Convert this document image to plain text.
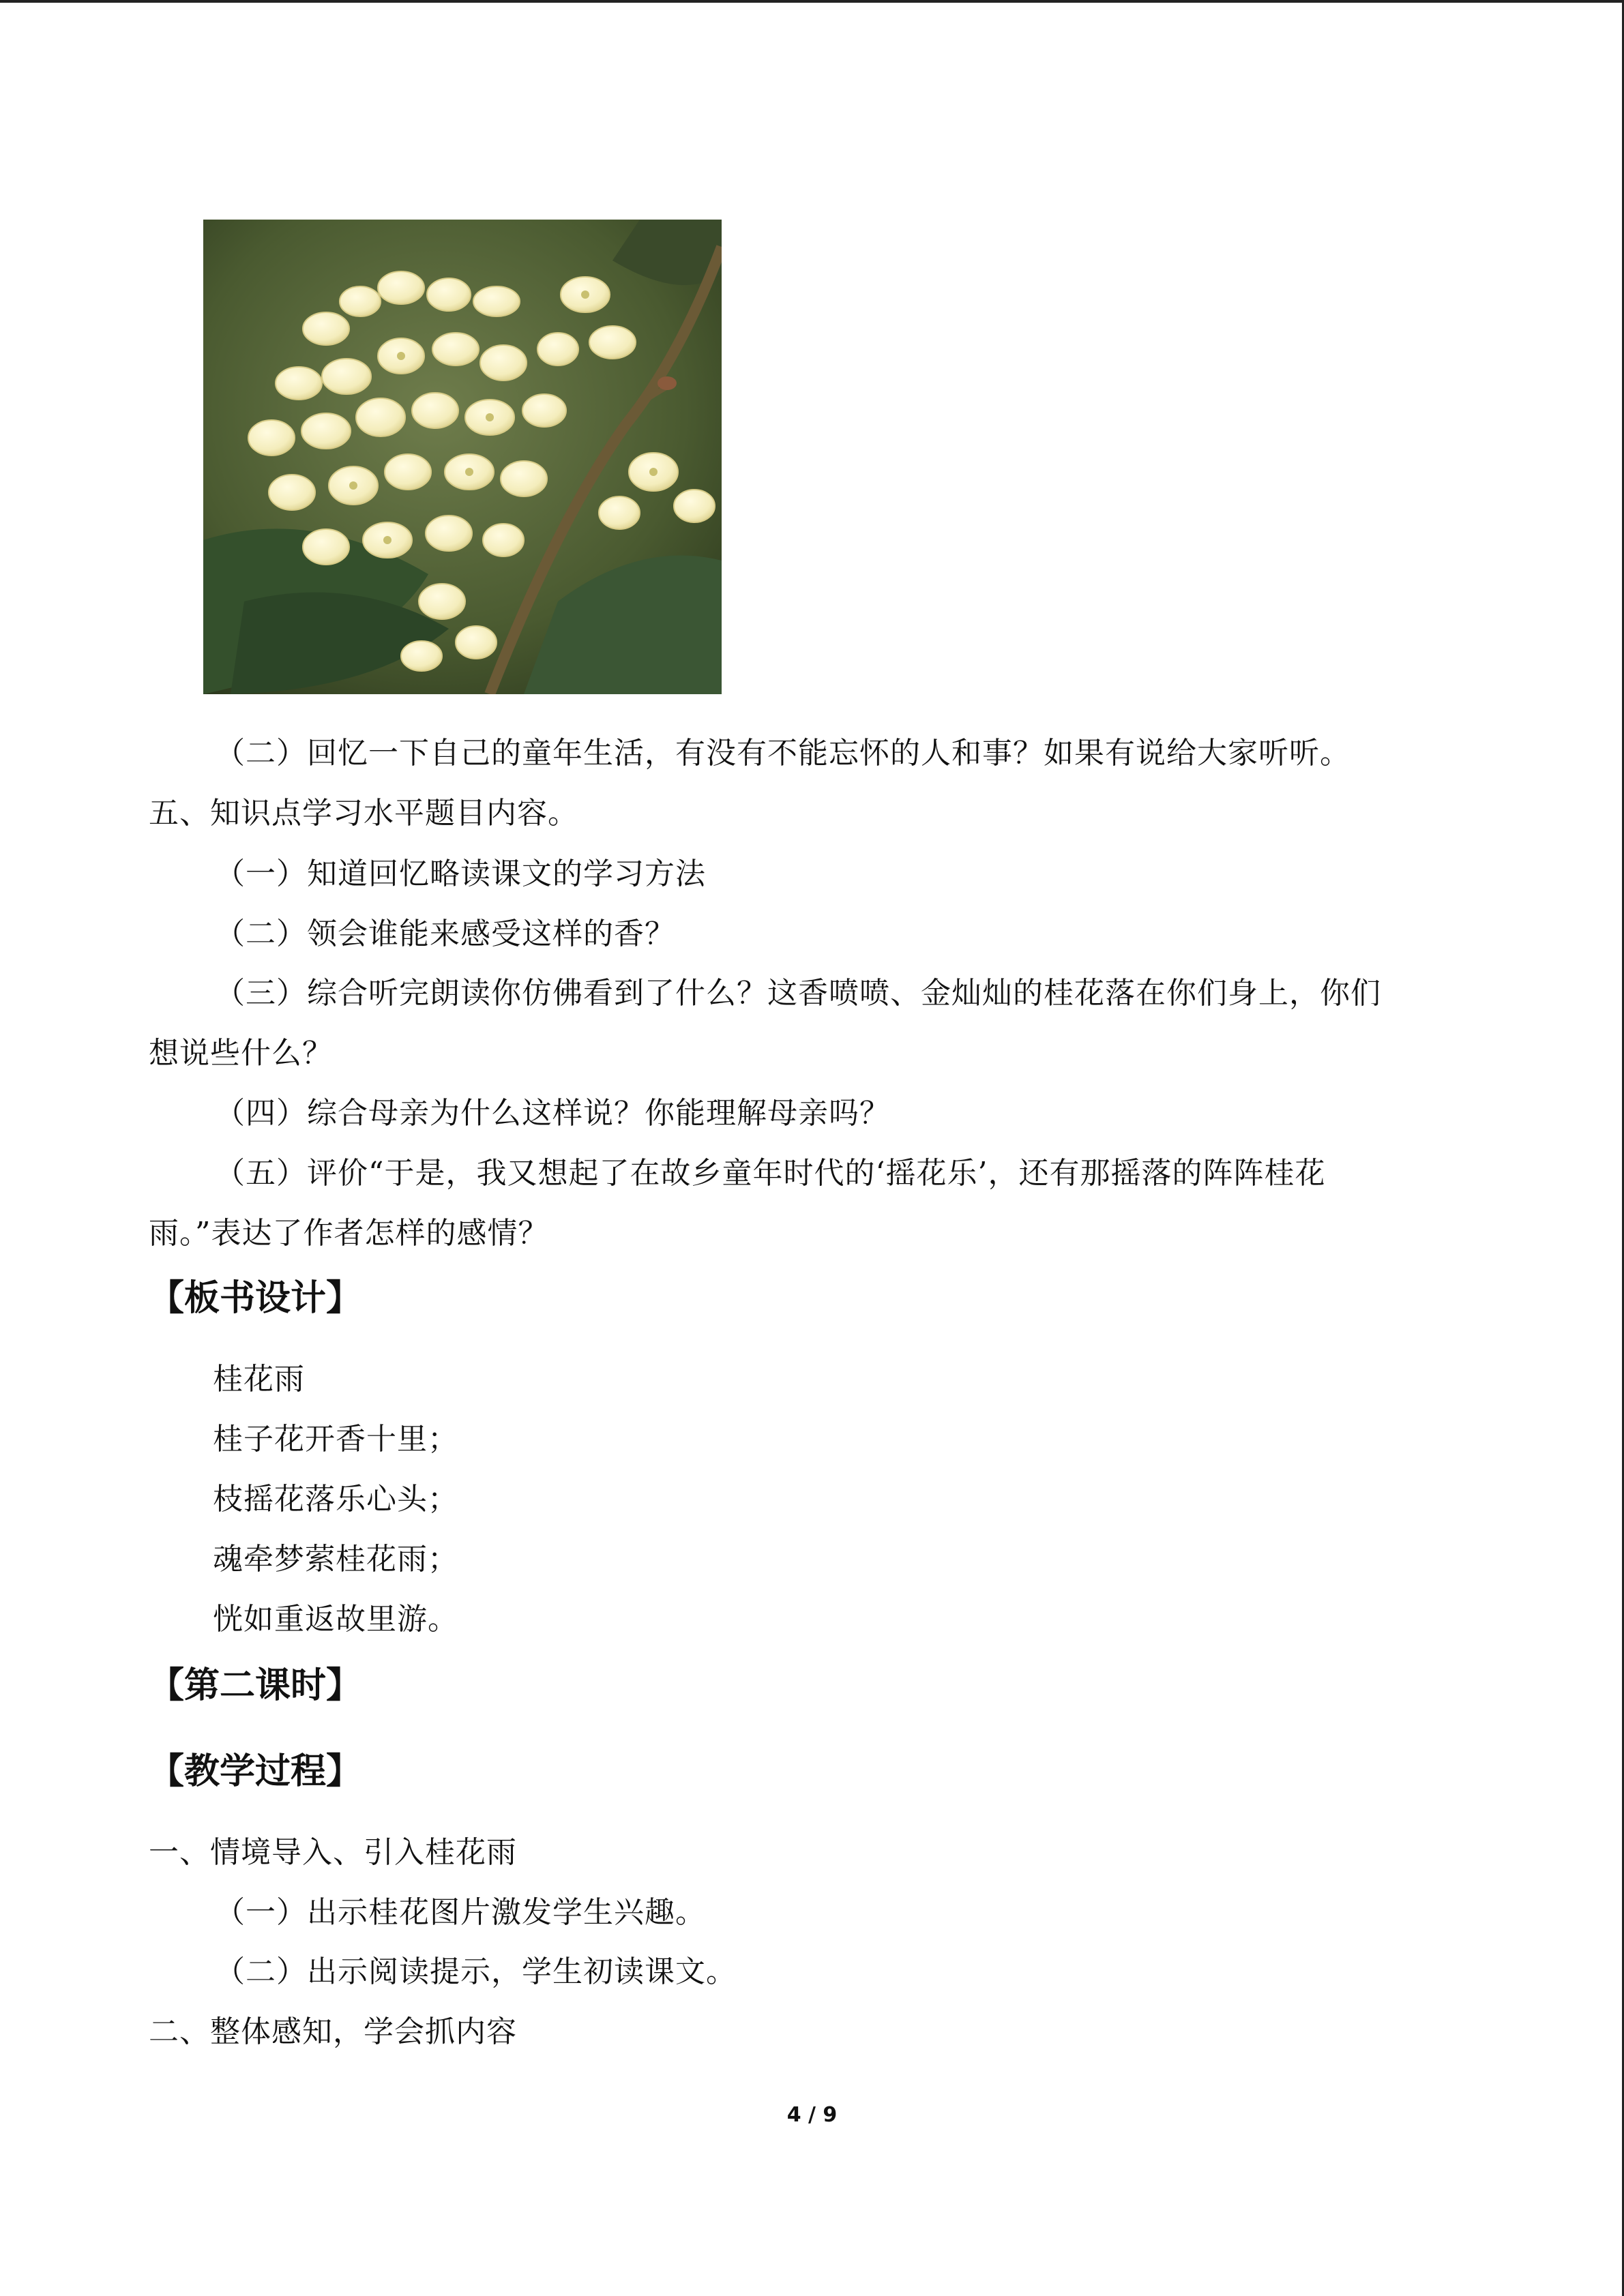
（二）回忆一下自己的童年生活，有没有不能忘怀的人和事？如果有说给大家听听。
五、知识点学习水平题目内容。
（一）知道回忆略读课文的学习方法
（二）领会谁能来感受这样的香？
（三）综合听完朗读你仿佛看到了什么？这香喷喷、金灿灿的桂花落在你们身上，你们
想说些什么？
（四）综合母亲为什么这样说？你能理解母亲吗？
（五）评价“于是，我又想起了在故乡童年时代的‘摇花乐’，还有那摇落的阵阵桂花
雨。”表达了作者怎样的感情？
【板书设计】
桂花雨
桂子花开香十里；
枝摇花落乐心头；
魂牵梦萦桂花雨；
恍如重返故里游。
【第二课时】
【教学过程】
一、情境导入、引入桂花雨
（一）出示桂花图片激发学生兴趣。
（二）出示阅读提示，学生初读课文。
二、整体感知，学会抓内容
4 / 9
